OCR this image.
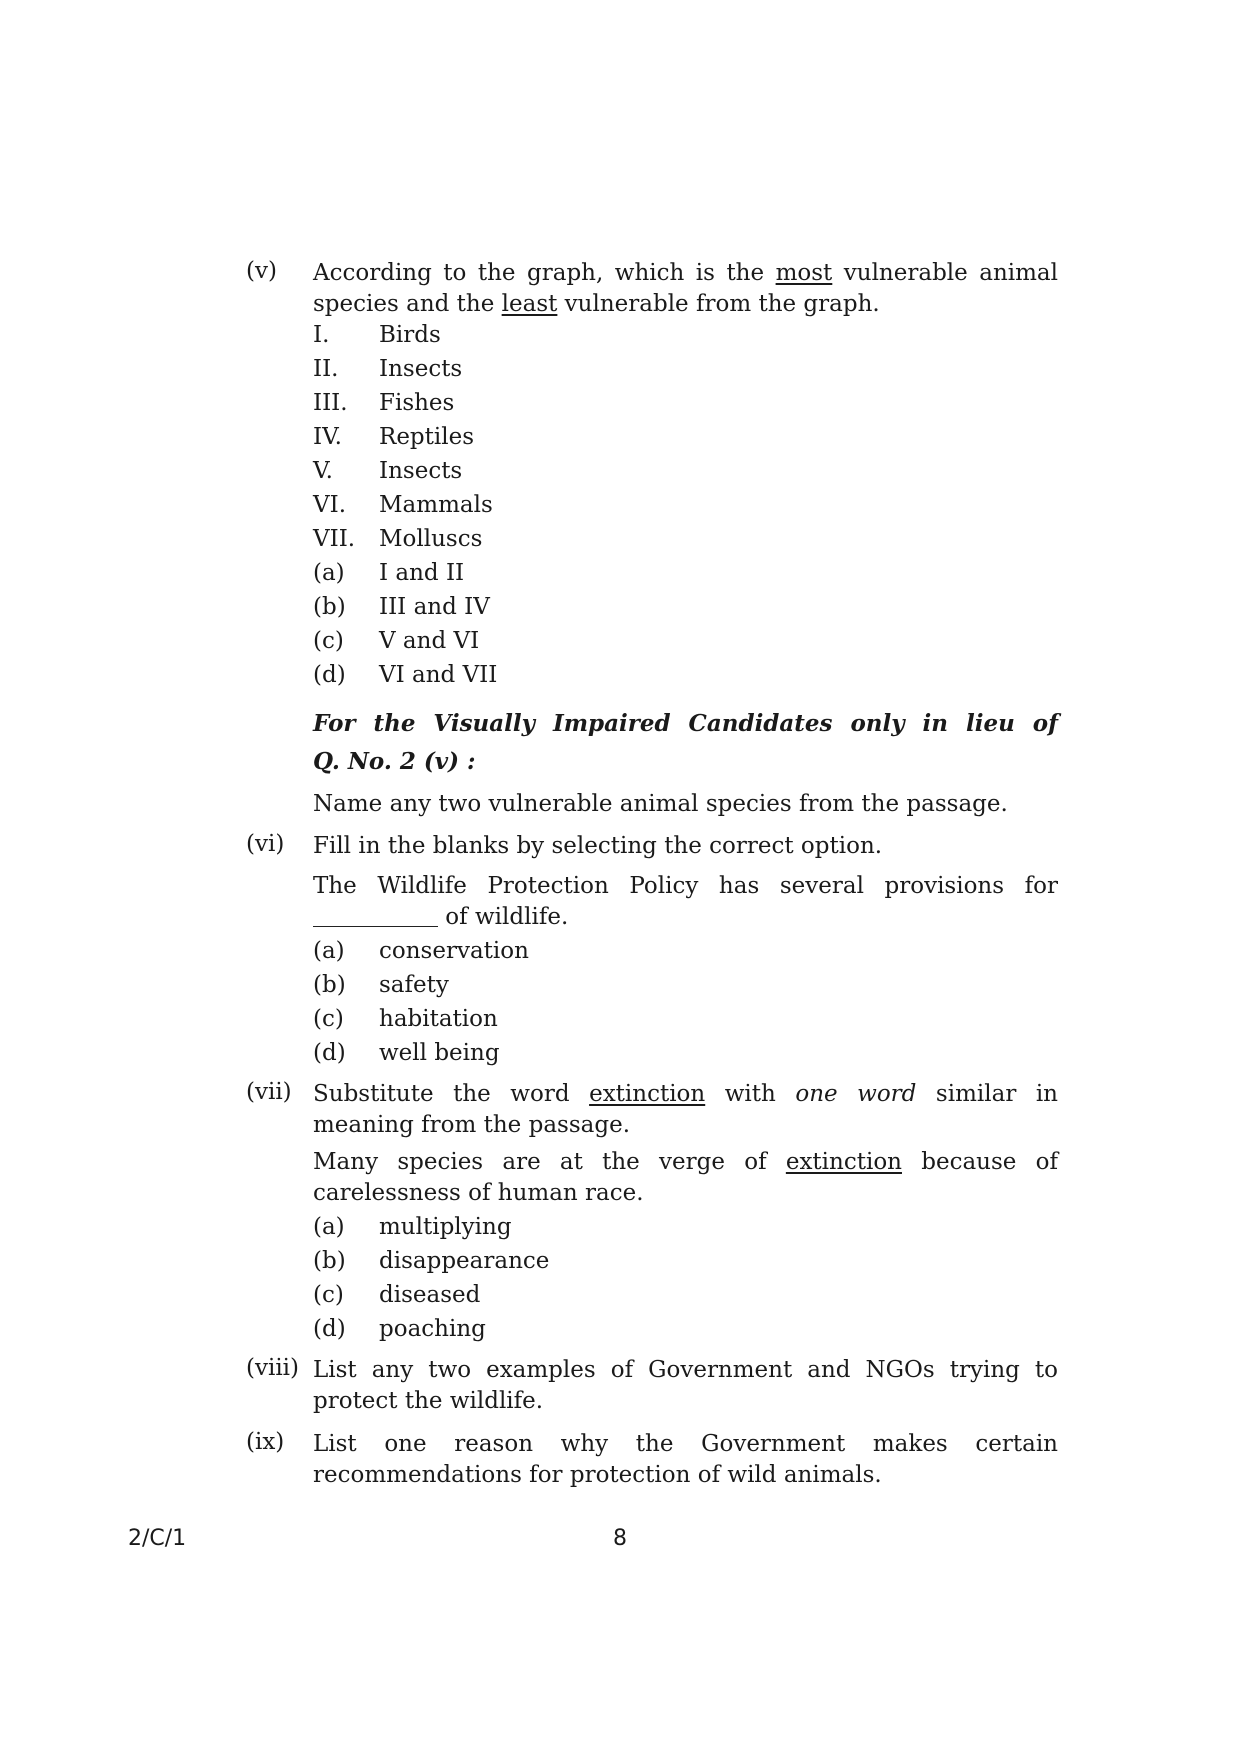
(v) According to the graph, which is the most vulnerable animal

species and the least vulnerable from the graph.

I. Birds
II. Insects
III. Fishes
IV. Reptiles
V. Insects
VI. Mammals
VII. Molluscs
(a) I and II
(b) III and IV
(c) V and VI
(d) VI and VII

For the Visually Impaired Candidates only in lieu of

Q. No. 2 (v) :

Name any two vulnerable animal species from the passage.

(vi) Fill in the blanks by selecting the correct option.

The Wildlife Protection Policy has several provisions for

of wildlife.

(a) conservation
(b) safety
(c) habitation
(d) well being
(vii) Substitute the word extinction with one word similar in

meaning from the passage.

Many species are at the verge of extinction because of

carelessness of human race.

(a) multiplying
(b) disappearance
(c) diseased
(d) poaching
(viii) List any two examples of Government and NGOs trying to

protect the wildlife.

(ix) List one reason why the Government makes certain

recommendations for protection of wild animals.

2/C/1	8
